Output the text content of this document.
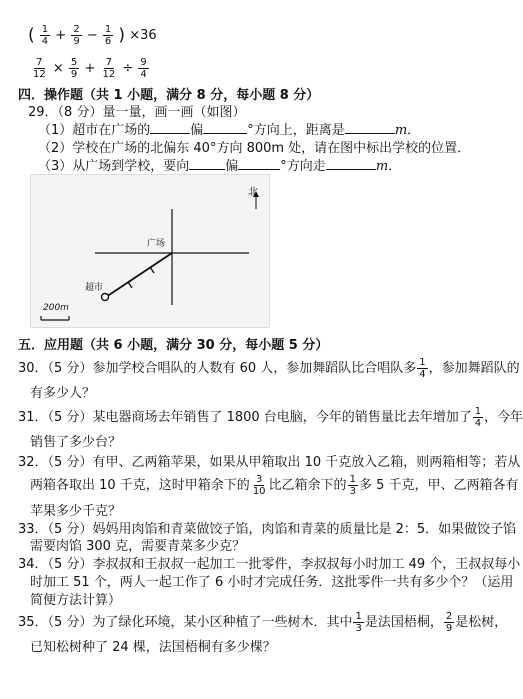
( $\frac{1}{4} + \frac{2}{9} - \frac{1}{6}$ ) ×36
$\frac{7}{12} \times \frac{5}{9} + \frac{7}{12} \div \frac{9}{4}$
四．操作题（共 1 小题，满分 8 分，每小题 8 分）
29．（8 分）量一量，画一画（如图）
（1）超市在广场的	偏	°方向上，距离是	m．
（2）学校在广场的北偏东 40°方向 800m 处，请在图中标出学校的位置．
（3）从广场到学校，要向	偏	°方向走	m．
北
广场
超市
200m
五．应用题（共 6 小题，满分 30 分，每小题 5 分）
30．（5 分）参加学校合唱队的人数有 60 人，参加舞蹈队比合唱队多 $\frac{1}{4}$ ，参加舞蹈队的
有多少人？
31．（5 分）某电器商场去年销售了 1800 台电脑，今年的销售量比去年增加了 $\frac{1}{4}$ ，今年
销售了多少台？
32．（5 分）有甲、乙两箱苹果，如果从甲箱取出 10 千克放入乙箱，则两箱相等；若从
两箱各取出 10 千克，这时甲箱余下的 $\frac{3}{10}$ 比乙箱余下的 $\frac{1}{3}$ 多 5 千克，甲、乙两箱各有
苹果多少千克？
33．（5 分）妈妈用肉馅和青菜做饺子馅，肉馅和青菜的质量比是 2：5．如果做饺子馅
需要肉馅 300 克，需要青菜多少克？
34．（5 分）李叔叔和王叔叔一起加工一批零件，李叔叔每小时加工 49 个，王叔叔每小
时加工 51 个，两人一起工作了 6 小时才完成任务．这批零件一共有多少个？（运用
简便方法计算）
35．（5 分）为了绿化环境，某小区种植了一些树木．其中 $\frac{1}{3}$ 是法国梧桐， $\frac{2}{9}$ 是松树，
已知松树种了 24 棵，法国梧桐有多少棵？
